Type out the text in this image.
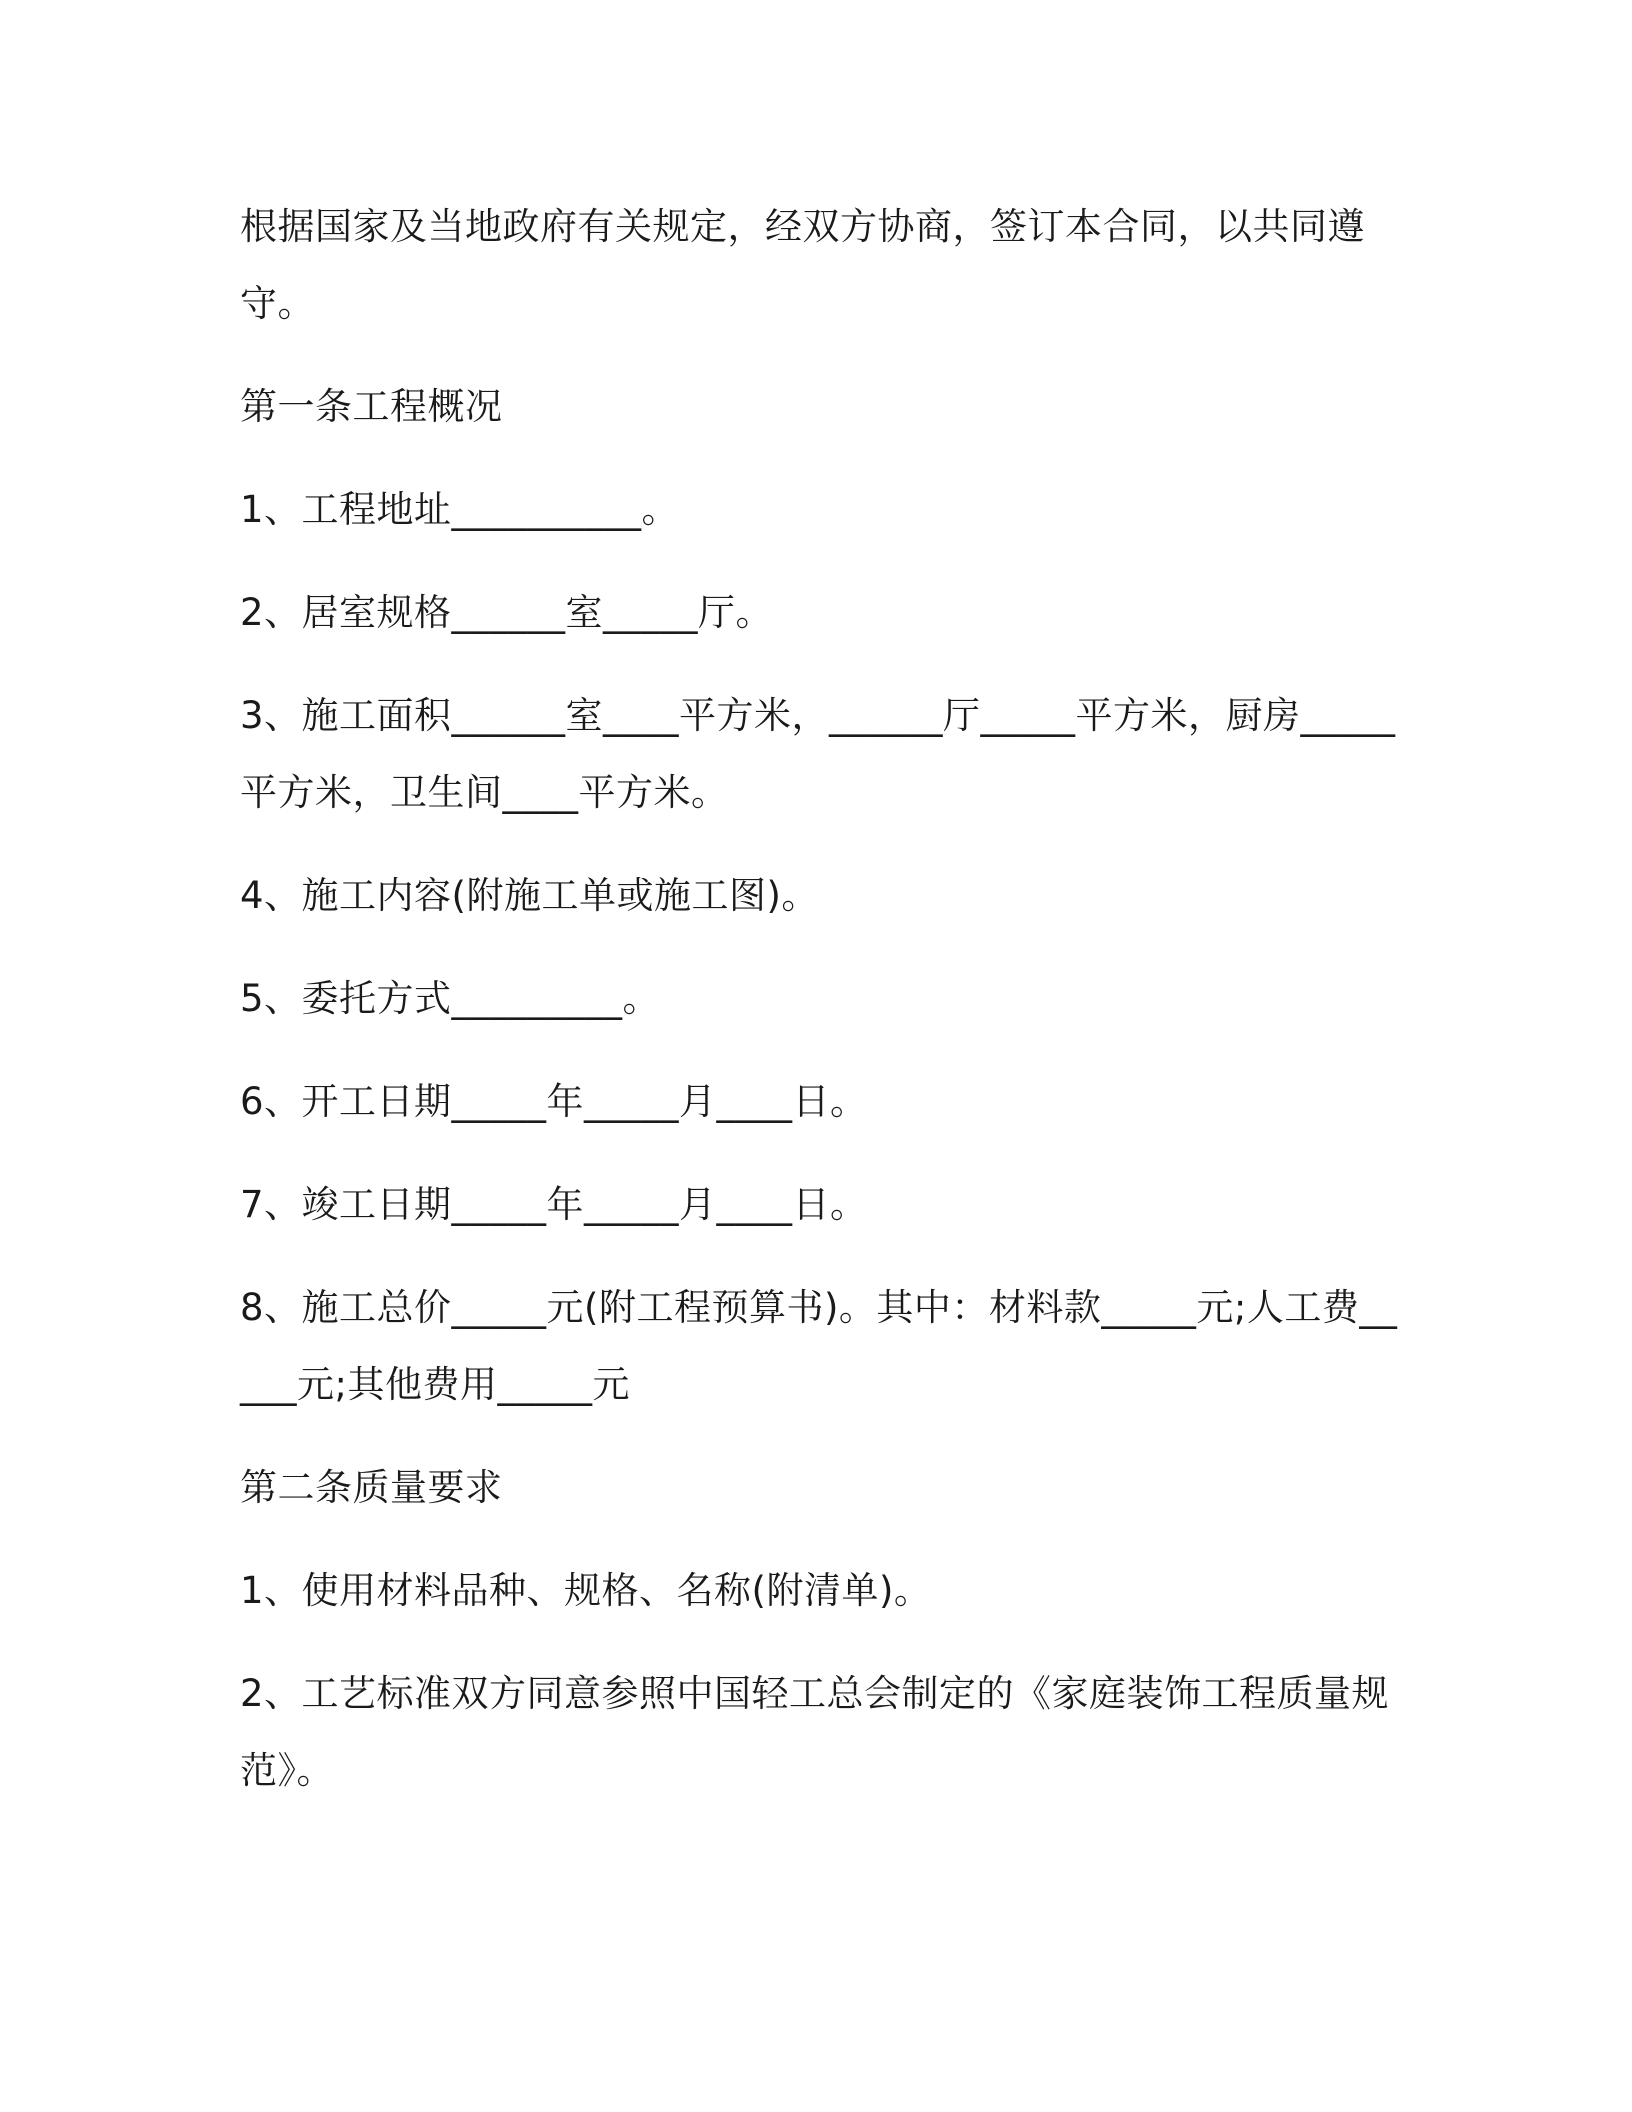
根据国家及当地政府有关规定，经双方协商，签订本合同，以共同遵守。

第一条工程概况

1、工程地址__________。

2、居室规格______室_____厅。

3、施工面积______室____平方米，______厅_____平方米，厨房_____平方米，卫生间____平方米。

4、施工内容(附施工单或施工图)。

5、委托方式_________。

6、开工日期_____年_____月____日。

7、竣工日期_____年_____月____日。

8、施工总价_____元(附工程预算书)。其中：材料款_____元;人工费_____元;其他费用_____元

第二条质量要求

1、使用材料品种、规格、名称(附清单)。

2、工艺标准双方同意参照中国轻工总会制定的《家庭装饰工程质量规范》。
